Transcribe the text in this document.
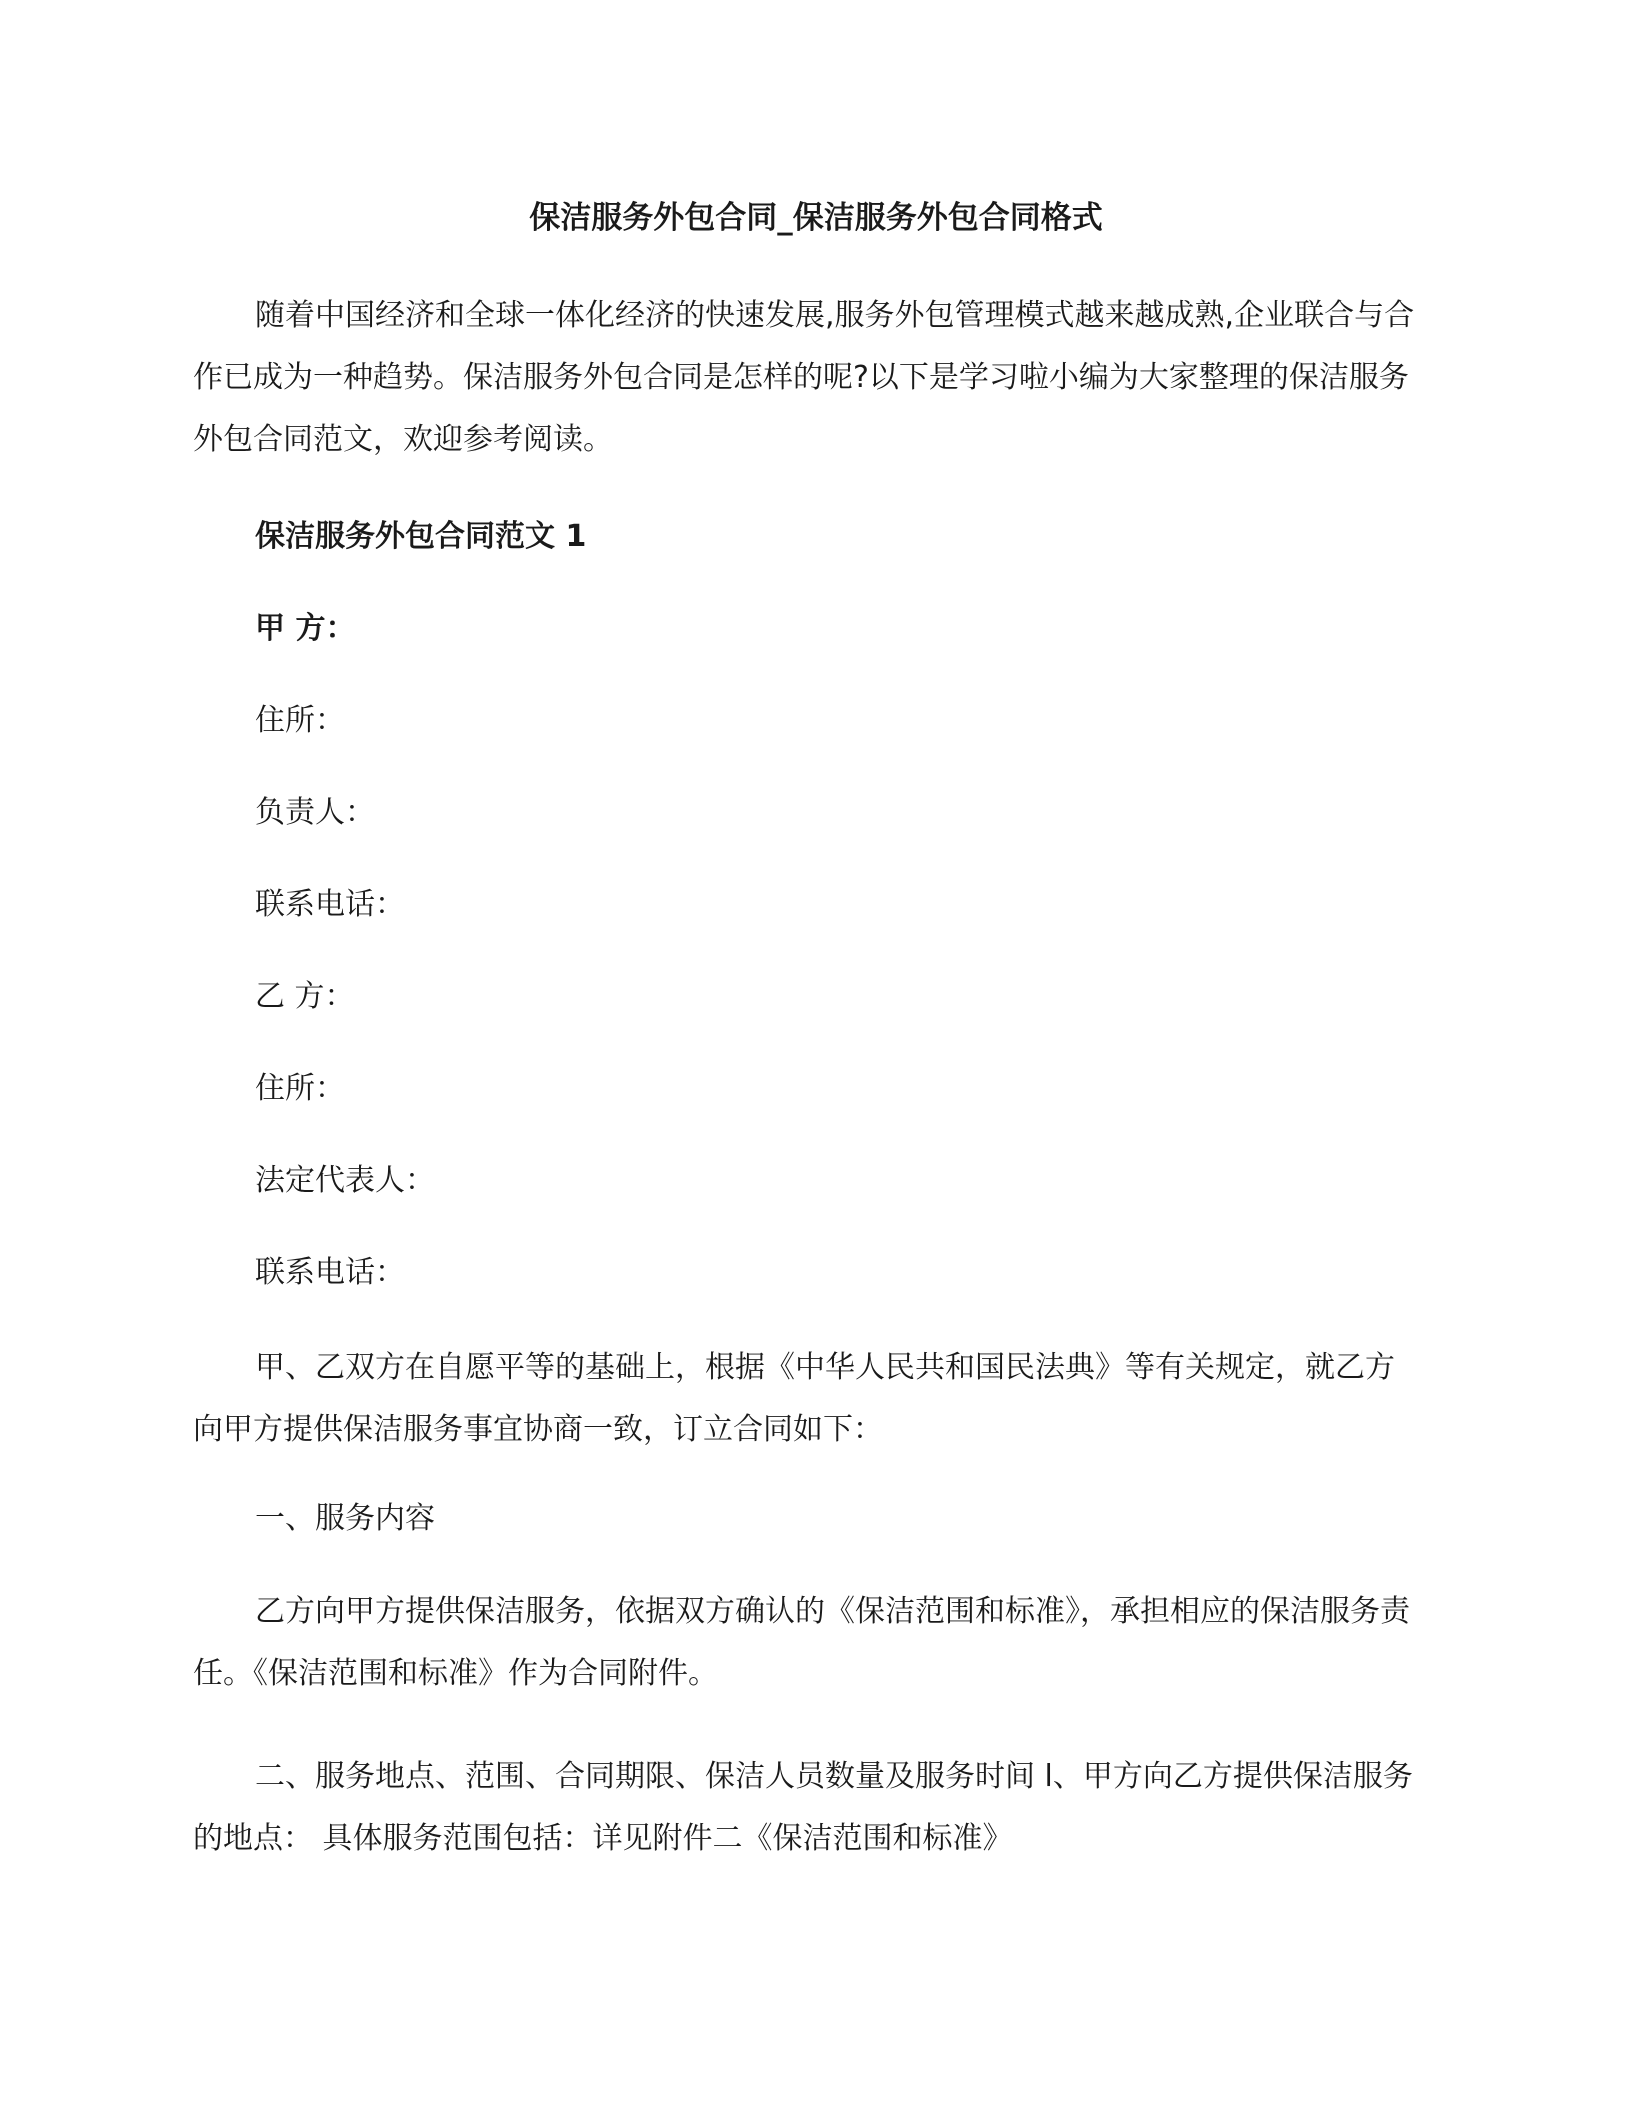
保洁服务外包合同_保洁服务外包合同格式

随着中国经济和全球一体化经济的快速发展,服务外包管理模式越来越成熟,企业联合与合作已成为一种趋势。保洁服务外包合同是怎样的呢?以下是学习啦小编为大家整理的保洁服务外包合同范文，欢迎参考阅读。

保洁服务外包合同范文 1
甲 方：
住所：
负责人：
联系电话：
乙 方：
住所：
法定代表人：
联系电话：

甲、乙双方在自愿平等的基础上，根据《中华人民共和国民法典》等有关规定，就乙方向甲方提供保洁服务事宜协商一致，订立合同如下：

一、服务内容

乙方向甲方提供保洁服务，依据双方确认的《保洁范围和标准》，承担相应的保洁服务责任。《保洁范围和标准》作为合同附件。

二、服务地点、范围、合同期限、保洁人员数量及服务时间 l、甲方向乙方提供保洁服务的地点： 具体服务范围包括：详见附件二《保洁范围和标准》
